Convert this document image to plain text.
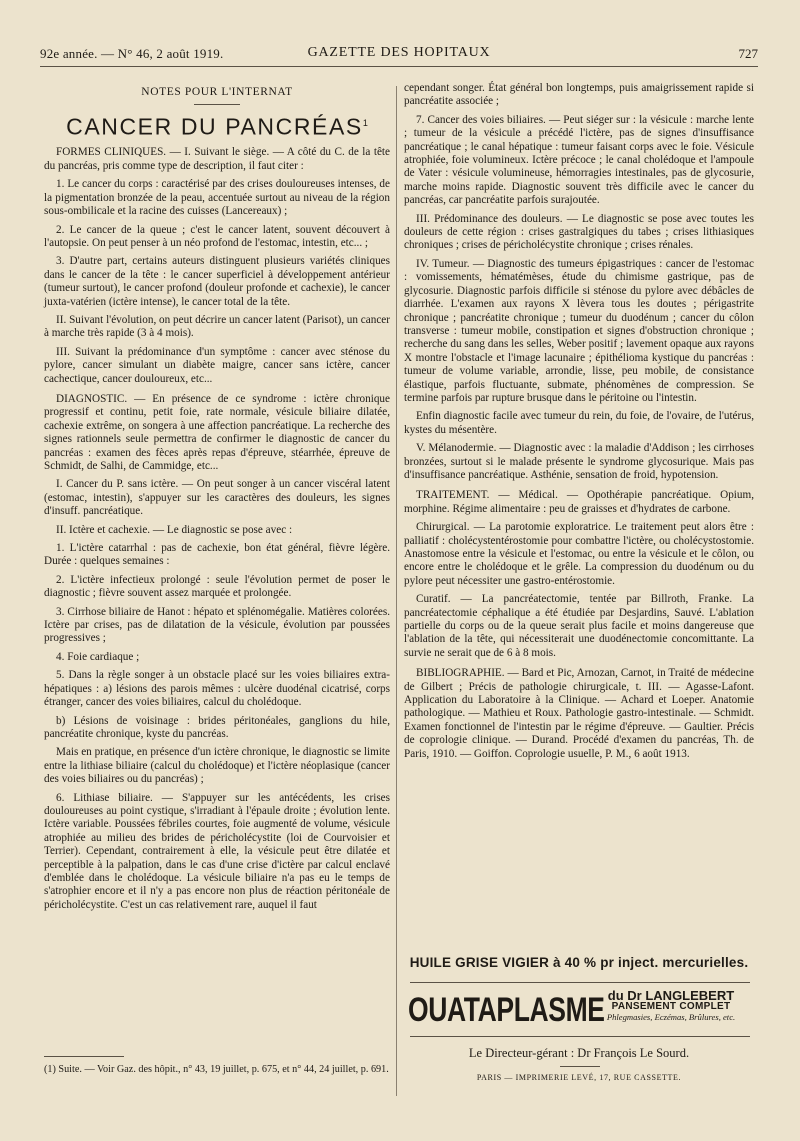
92e année. — N° 46, 2 août 1919.	GAZETTE DES HOPITAUX	727

NOTES POUR L'INTERNAT

CANCER DU PANCRÉAS$^1$

FORMES CLINIQUES. — I. Suivant le siège. — A côté du C. de la tête du pancréas, pris comme type de description, il faut citer :

1. Le cancer du corps : caractérisé par des crises douloureuses intenses, de la pigmentation bronzée de la peau, accentuée surtout au niveau de la région sous-ombilicale et la racine des cuisses (Lancereaux) ;

2. Le cancer de la queue ; c'est le cancer latent, souvent découvert à l'autopsie. On peut penser à un néo profond de l'estomac, intestin, etc... ;

3. D'autre part, certains auteurs distinguent plusieurs variétés cliniques dans le cancer de la tête : le cancer superficiel à développement antérieur (tumeur surtout), le cancer profond (douleur profonde et cachexie), le cancer juxta-vatérien (ictère intense), le cancer total de la tête.

II. Suivant l'évolution, on peut décrire un cancer latent (Parisot), un cancer à marche très rapide (3 à 4 mois).

III. Suivant la prédominance d'un symptôme : cancer avec sténose du pylore, cancer simulant un diabète maigre, cancer sans ictère, cancer cachectique, cancer douloureux, etc...

DIAGNOSTIC. — En présence de ce syndrome : ictère chronique progressif et continu, petit foie, rate normale, vésicule biliaire dilatée, cachexie extrême, on songera à une affection pancréatique. La recherche des signes rationnels seule permettra de confirmer le diagnostic de cancer du pancréas : examen des fèces après repas d'épreuve, stéarrhée, épreuve de Schmidt, de Salhi, de Cammidge, etc...

I. Cancer du P. sans ictère. — On peut songer à un cancer viscéral latent (estomac, intestin), s'appuyer sur les caractères des douleurs, les signes d'insuff. pancréatique.

II. Ictère et cachexie. — Le diagnostic se pose avec :

1. L'ictère catarrhal : pas de cachexie, bon état général, fièvre légère. Durée : quelques semaines :

2. L'ictère infectieux prolongé : seule l'évolution permet de poser le diagnostic ; fièvre souvent assez marquée et prolongée.

3. Cirrhose biliaire de Hanot : hépato et splénomégalie. Matières colorées. Ictère par crises, pas de dilatation de la vésicule, évolution par poussées progressives ;

4. Foie cardiaque ;

5. Dans la règle songer à un obstacle placé sur les voies biliaires extra-hépatiques : a) lésions des parois mêmes : ulcère duodénal cicatrisé, corps étranger, cancer des voies biliaires, calcul du cholédoque.

b) Lésions de voisinage : brides péritonéales, ganglions du hile, pancréatite chronique, kyste du pancréas.

Mais en pratique, en présence d'un ictère chronique, le diagnostic se limite entre la lithiase biliaire (calcul du cholédoque) et l'ictère néoplasique (cancer des voies biliaires ou du pancréas) ;

6. Lithiase biliaire. — S'appuyer sur les antécédents, les crises douloureuses au point cystique, s'irradiant à l'épaule droite ; évolution lente. Ictère variable. Poussées fébriles courtes, foie augmenté de volume, vésicule atrophiée au milieu des brides de péricholécystite (loi de Courvoisier et Terrier). Cependant, contrairement à elle, la vésicule peut être dilatée et perceptible à la palpation, dans le cas d'une crise d'ictère par calcul enclavé d'emblée dans le cholédoque. La vésicule biliaire n'a pas eu le temps de s'atrophier encore et il n'y a pas encore non plus de réaction péritonéale de péricholécystite. C'est un cas relativement rare, auquel il faut

(1) Suite. — Voir Gaz. des hôpit., n° 43, 19 juillet, p. 675, et n° 44, 24 juillet, p. 691.

cependant songer. État général bon longtemps, puis amaigrissement rapide si pancréatite associée ;

7. Cancer des voies biliaires. — Peut siéger sur : la vésicule : marche lente ; tumeur de la vésicule a précédé l'ictère, pas de signes d'insuffisance pancréatique ; le canal hépatique : tumeur faisant corps avec le foie. Vésicule atrophiée, foie volumineux. Ictère précoce ; le canal cholédoque et l'ampoule de Vater : vésicule volumineuse, hémorragies intestinales, pas de glycosurie, marche moins rapide. Diagnostic souvent très difficile avec le cancer du pancréas, car pancréatite parfois surajoutée.

III. Prédominance des douleurs. — Le diagnostic se pose avec toutes les douleurs de cette région : crises gastralgiques du tabes ; crises lithiasiques chroniques ; crises de péricholécystite chronique ; crises rénales.

IV. Tumeur. — Diagnostic des tumeurs épigastriques : cancer de l'estomac : vomissements, hématémèses, étude du chimisme gastrique, pas de glycosurie. Diagnostic parfois difficile si sténose du pylore avec débâcles de diarrhée. L'examen aux rayons X lèvera tous les doutes ; périgastrite chronique ; pancréatite chronique ; tumeur du duodénum ; cancer du côlon transverse : tumeur mobile, constipation et signes d'obstruction chronique ; recherche du sang dans les selles, Weber positif ; lavement opaque aux rayons X montre l'obstacle et l'image lacunaire ; épithélioma kystique du pancréas : tumeur de volume variable, arrondie, lisse, peu mobile, de consistance élastique, parfois fluctuante, submate, phénomènes de compression. Se termine parfois par rupture brusque dans le péritoine ou l'intestin.

Enfin diagnostic facile avec tumeur du rein, du foie, de l'ovaire, de l'utérus, kystes du mésentère.

V. Mélanodermie. — Diagnostic avec : la maladie d'Addison ; les cirrhoses bronzées, surtout si le malade présente le syndrome glycosurique. Mais pas d'insuffisance pancréatique. Asthénie, sensation de froid, hypotension.

TRAITEMENT. — Médical. — Opothérapie pancréatique. Opium, morphine. Régime alimentaire : peu de graisses et d'hydrates de carbone.

Chirurgical. — La parotomie exploratrice. Le traitement peut alors être : palliatif : cholécystentérostomie pour combattre l'ictère, ou cholécystostomie. Anastomose entre la vésicule et l'estomac, ou entre la vésicule et le côlon, ou encore entre le cholédoque et le grêle. La compression du duodénum ou du pylore peut nécessiter une gastro-entérostomie.

Curatif. — La pancréatectomie, tentée par Billroth, Franke. La pancréatectomie céphalique a été étudiée par Desjardins, Sauvé. L'ablation partielle du corps ou de la queue serait plus facile et moins dangereuse que l'ablation de la tête, qui nécessiterait une duodénectomie concomittante. La survie ne serait que de 6 à 8 mois.

BIBLIOGRAPHIE. — Bard et Pic, Arnozan, Carnot, in Traité de médecine de Gilbert ; Précis de pathologie chirurgicale, t. III. — Agasse-Lafont. Application du Laboratoire à la Clinique. — Achard et Loeper. Anatomie pathologique. — Mathieu et Roux. Pathologie gastro-intestinale. — Schmidt. Examen fonctionnel de l'intestin par le régime d'épreuve. — Gaultier. Précis de coprologie clinique. — Durand. Procédé d'examen du pancréas, Th. de Paris, 1910. — Goiffon. Coprologie usuelle, P. M., 6 août 1913.

HUILE GRISE VIGIER à 40 % pr inject. mercurielles.
OUATAPLASME du Dr LANGLEBERT
PANSEMENT COMPLET
Phlegmasies, Eczémas, Brûlures, etc.
Le Directeur-gérant : Dr François Le Sourd.
PARIS — IMPRIMERIE LEVÉ, 17, RUE CASSETTE.
